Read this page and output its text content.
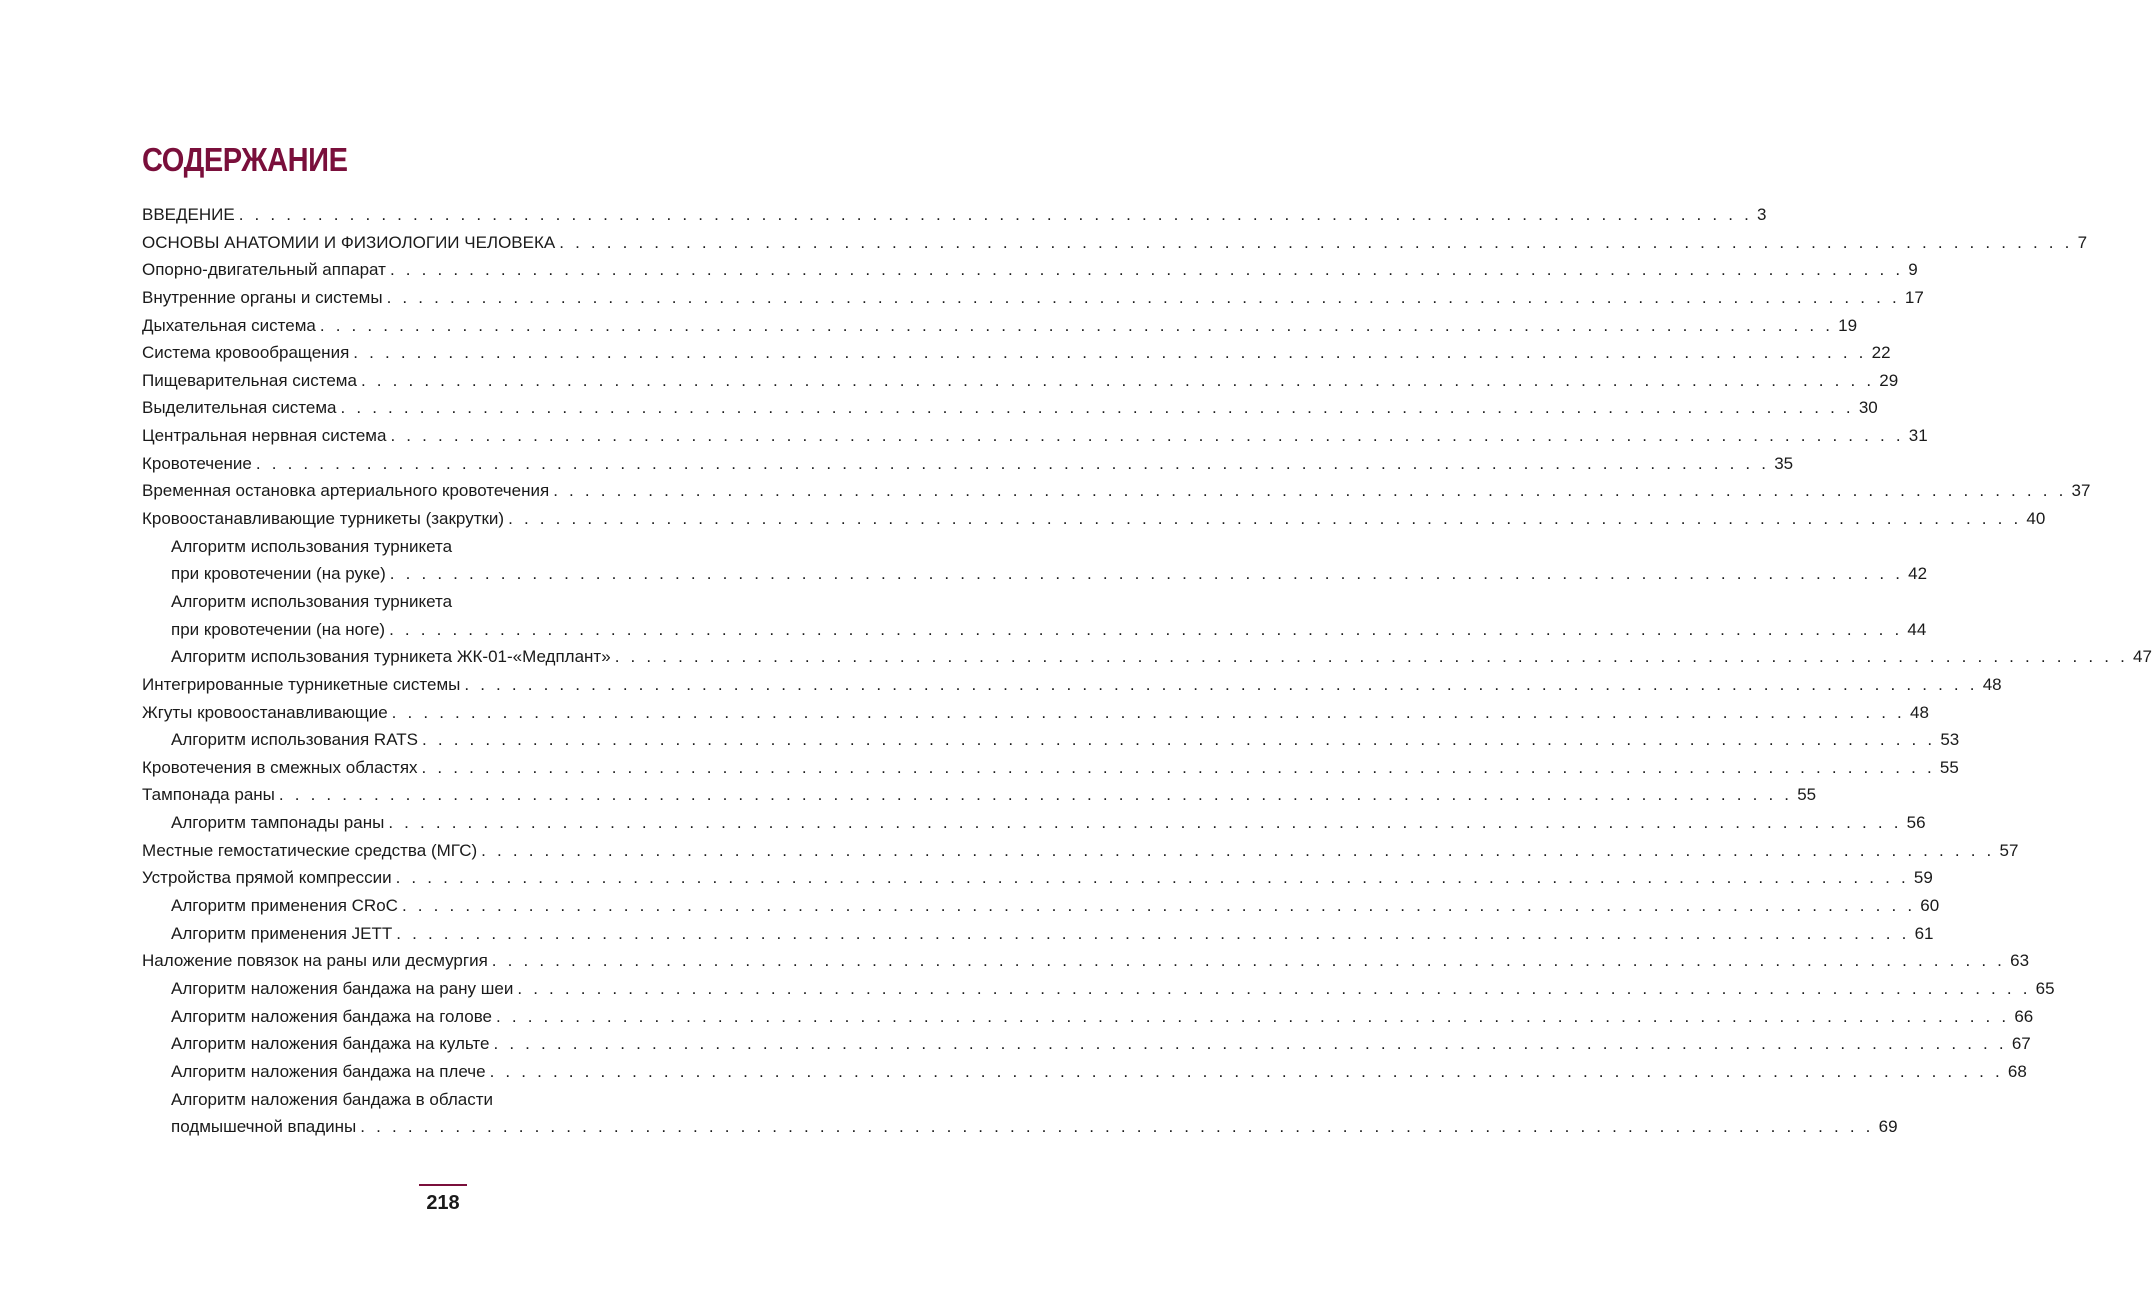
СОДЕРЖАНИЕ
ВВЕДЕНИЕ . . . . . . . . . . . . . . . . . . . . . . . . . . . . . . . . . . . . . . . . . . . . . . . . . . . . . . . . . . . . . . . . . . . . . . . . . . . . . . . . . . . . . . . . . . . . . . . . 3
ОСНОВЫ АНАТОМИИ И ФИЗИОЛОГИИ ЧЕЛОВЕКА . . . . . . . . . . . . . . . . . . . . . . . . . . . . . . . . . . . . . . . . . . . . . . . . . . . . . . . . . . . . . . . . . . . . . . . . . . . . . . . . . . . . . . . . . . . . . . . . 7
Опорно-двигательный аппарат . . . . . . . . . . . . . . . . . . . . . . . . . . . . . . . . . . . . . . . . . . . . . . . . . . . . . . . . . . . . . . . . . . . . . . . . . . . . . . . . . . . . . . . . . . . . . . . . 9
Внутренние органы и системы . . . . . . . . . . . . . . . . . . . . . . . . . . . . . . . . . . . . . . . . . . . . . . . . . . . . . . . . . . . . . . . . . . . . . . . . . . . . . . . . . . . . . . . . . . . . . . . . 17
Дыхательная система . . . . . . . . . . . . . . . . . . . . . . . . . . . . . . . . . . . . . . . . . . . . . . . . . . . . . . . . . . . . . . . . . . . . . . . . . . . . . . . . . . . . . . . . . . . . . . . . 19
Система кровообращения . . . . . . . . . . . . . . . . . . . . . . . . . . . . . . . . . . . . . . . . . . . . . . . . . . . . . . . . . . . . . . . . . . . . . . . . . . . . . . . . . . . . . . . . . . . . . . . . 22
Пищеварительная система . . . . . . . . . . . . . . . . . . . . . . . . . . . . . . . . . . . . . . . . . . . . . . . . . . . . . . . . . . . . . . . . . . . . . . . . . . . . . . . . . . . . . . . . . . . . . . . . 29
Выделительная система . . . . . . . . . . . . . . . . . . . . . . . . . . . . . . . . . . . . . . . . . . . . . . . . . . . . . . . . . . . . . . . . . . . . . . . . . . . . . . . . . . . . . . . . . . . . . . . . 30
Центральная нервная система . . . . . . . . . . . . . . . . . . . . . . . . . . . . . . . . . . . . . . . . . . . . . . . . . . . . . . . . . . . . . . . . . . . . . . . . . . . . . . . . . . . . . . . . . . . . . . . . 31
Кровотечение . . . . . . . . . . . . . . . . . . . . . . . . . . . . . . . . . . . . . . . . . . . . . . . . . . . . . . . . . . . . . . . . . . . . . . . . . . . . . . . . . . . . . . . . . . . . . . . . 35
Временная остановка артериального кровотечения . . . . . . . . . . . . . . . . . . . . . . . . . . . . . . . . . . . . . . . . . . . . . . . . . . . . . . . . . . . . . . . . . . . . . . . . . . . . . . . . . . . . . . . . . . . . . . . . 37
Кровоостанавливающие турникеты (закрутки) . . . . . . . . . . . . . . . . . . . . . . . . . . . . . . . . . . . . . . . . . . . . . . . . . . . . . . . . . . . . . . . . . . . . . . . . . . . . . . . . . . . . . . . . . . . . . . . . 40
Алгоритм использования турникета
при кровотечении (на руке) . . . . . . . . . . . . . . . . . . . . . . . . . . . . . . . . . . . . . . . . . . . . . . . . . . . . . . . . . . . . . . . . . . . . . . . . . . . . . . . . . . . . . . . . . . . . . . . . 42
Алгоритм использования турникета
при кровотечении (на ноге) . . . . . . . . . . . . . . . . . . . . . . . . . . . . . . . . . . . . . . . . . . . . . . . . . . . . . . . . . . . . . . . . . . . . . . . . . . . . . . . . . . . . . . . . . . . . . . . . 44
Алгоритм использования турникета ЖК-01-«Медплант» . . . . . . . . . . . . . . . . . . . . . . . . . . . . . . . . . . . . . . . . . . . . . . . . . . . . . . . . . . . . . . . . . . . . . . . . . . . . . . . . . . . . . . . . . . . . . . . . 47
Интегрированные турникетные системы . . . . . . . . . . . . . . . . . . . . . . . . . . . . . . . . . . . . . . . . . . . . . . . . . . . . . . . . . . . . . . . . . . . . . . . . . . . . . . . . . . . . . . . . . . . . . . . . 48
Жгуты кровоостанавливающие . . . . . . . . . . . . . . . . . . . . . . . . . . . . . . . . . . . . . . . . . . . . . . . . . . . . . . . . . . . . . . . . . . . . . . . . . . . . . . . . . . . . . . . . . . . . . . . . 48
Алгоритм использования RATS . . . . . . . . . . . . . . . . . . . . . . . . . . . . . . . . . . . . . . . . . . . . . . . . . . . . . . . . . . . . . . . . . . . . . . . . . . . . . . . . . . . . . . . . . . . . . . . . 53
Кровотечения в смежных областях . . . . . . . . . . . . . . . . . . . . . . . . . . . . . . . . . . . . . . . . . . . . . . . . . . . . . . . . . . . . . . . . . . . . . . . . . . . . . . . . . . . . . . . . . . . . . . . . 55
Тампонада раны . . . . . . . . . . . . . . . . . . . . . . . . . . . . . . . . . . . . . . . . . . . . . . . . . . . . . . . . . . . . . . . . . . . . . . . . . . . . . . . . . . . . . . . . . . . . . . . . 55
Алгоритм тампонады раны . . . . . . . . . . . . . . . . . . . . . . . . . . . . . . . . . . . . . . . . . . . . . . . . . . . . . . . . . . . . . . . . . . . . . . . . . . . . . . . . . . . . . . . . . . . . . . . . 56
Местные гемостатические средства (МГС) . . . . . . . . . . . . . . . . . . . . . . . . . . . . . . . . . . . . . . . . . . . . . . . . . . . . . . . . . . . . . . . . . . . . . . . . . . . . . . . . . . . . . . . . . . . . . . . . 57
Устройства прямой компрессии . . . . . . . . . . . . . . . . . . . . . . . . . . . . . . . . . . . . . . . . . . . . . . . . . . . . . . . . . . . . . . . . . . . . . . . . . . . . . . . . . . . . . . . . . . . . . . . . 59
Алгоритм применения CRoC . . . . . . . . . . . . . . . . . . . . . . . . . . . . . . . . . . . . . . . . . . . . . . . . . . . . . . . . . . . . . . . . . . . . . . . . . . . . . . . . . . . . . . . . . . . . . . . . 60
Алгоритм применения JETT . . . . . . . . . . . . . . . . . . . . . . . . . . . . . . . . . . . . . . . . . . . . . . . . . . . . . . . . . . . . . . . . . . . . . . . . . . . . . . . . . . . . . . . . . . . . . . . . 61
Наложение повязок на раны или десмургия . . . . . . . . . . . . . . . . . . . . . . . . . . . . . . . . . . . . . . . . . . . . . . . . . . . . . . . . . . . . . . . . . . . . . . . . . . . . . . . . . . . . . . . . . . . . . . . . 63
Алгоритм наложения бандажа на рану шеи . . . . . . . . . . . . . . . . . . . . . . . . . . . . . . . . . . . . . . . . . . . . . . . . . . . . . . . . . . . . . . . . . . . . . . . . . . . . . . . . . . . . . . . . . . . . . . . . 65
Алгоритм наложения бандажа на голове . . . . . . . . . . . . . . . . . . . . . . . . . . . . . . . . . . . . . . . . . . . . . . . . . . . . . . . . . . . . . . . . . . . . . . . . . . . . . . . . . . . . . . . . . . . . . . . . 66
Алгоритм наложения бандажа на культе . . . . . . . . . . . . . . . . . . . . . . . . . . . . . . . . . . . . . . . . . . . . . . . . . . . . . . . . . . . . . . . . . . . . . . . . . . . . . . . . . . . . . . . . . . . . . . . . 67
Алгоритм наложения бандажа на плече . . . . . . . . . . . . . . . . . . . . . . . . . . . . . . . . . . . . . . . . . . . . . . . . . . . . . . . . . . . . . . . . . . . . . . . . . . . . . . . . . . . . . . . . . . . . . . . . 68
Алгоритм наложения бандажа в области
подмышечной впадины . . . . . . . . . . . . . . . . . . . . . . . . . . . . . . . . . . . . . . . . . . . . . . . . . . . . . . . . . . . . . . . . . . . . . . . . . . . . . . . . . . . . . . . . . . . . . . . . 69
218
